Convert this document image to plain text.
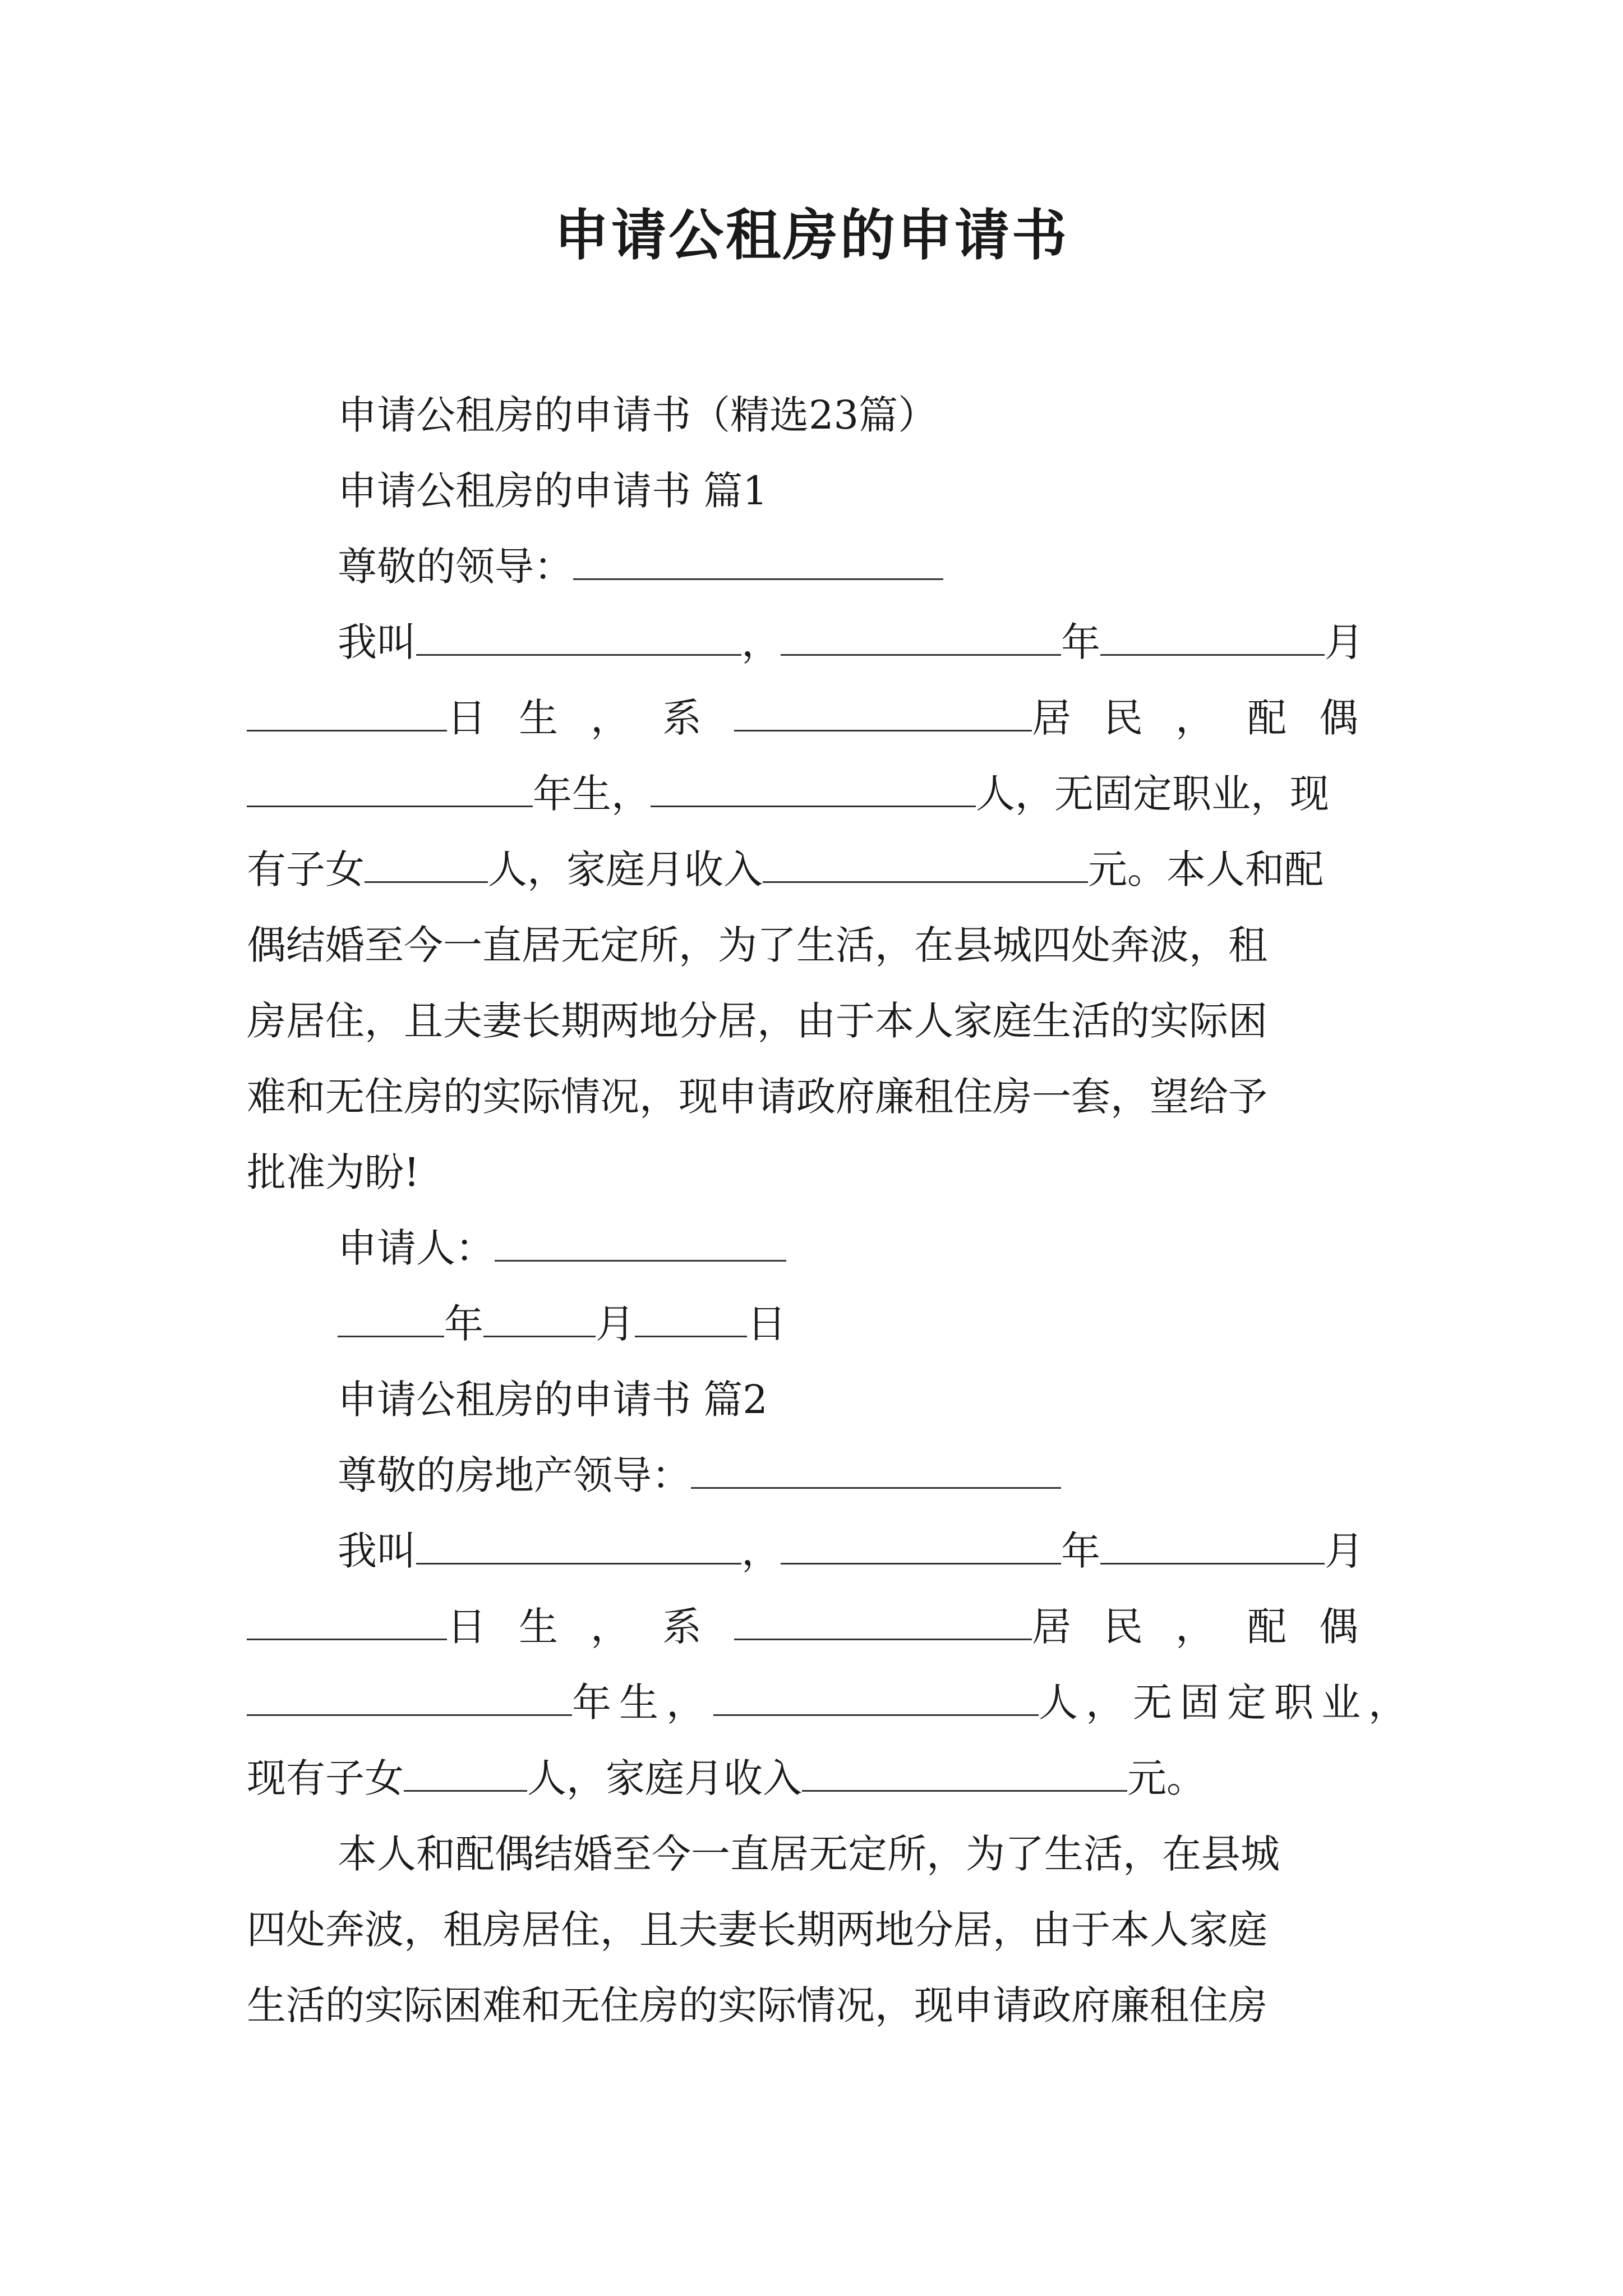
申请公租房的申请书
申请公租房的申请书（精选23篇）
申请公租房的申请书 篇1
尊敬的领导：
我叫	，	年	月
日生 ，系	居民 ，配偶
年生，	人，无固定职业，现
有子女	人，家庭月收入	元。本人和配
偶结婚至今一直居无定所，为了生活，在县城四处奔波，租
房居住，且夫妻长期两地分居，由于本人家庭生活的实际困
难和无住房的实际情况，现申请政府廉租住房一套，望给予
批准为盼!
申请人：
年	月	日
申请公租房的申请书 篇2
尊敬的房地产领导：
我叫	，	年	月
日生 ，系	居民 ，配偶
年生，	人，无固定职业，
现有子女	人，家庭月收入	元。
本人和配偶结婚至今一直居无定所，为了生活，在县城
四处奔波，租房居住，且夫妻长期两地分居，由于本人家庭
生活的实际困难和无住房的实际情况，现申请政府廉租住房
